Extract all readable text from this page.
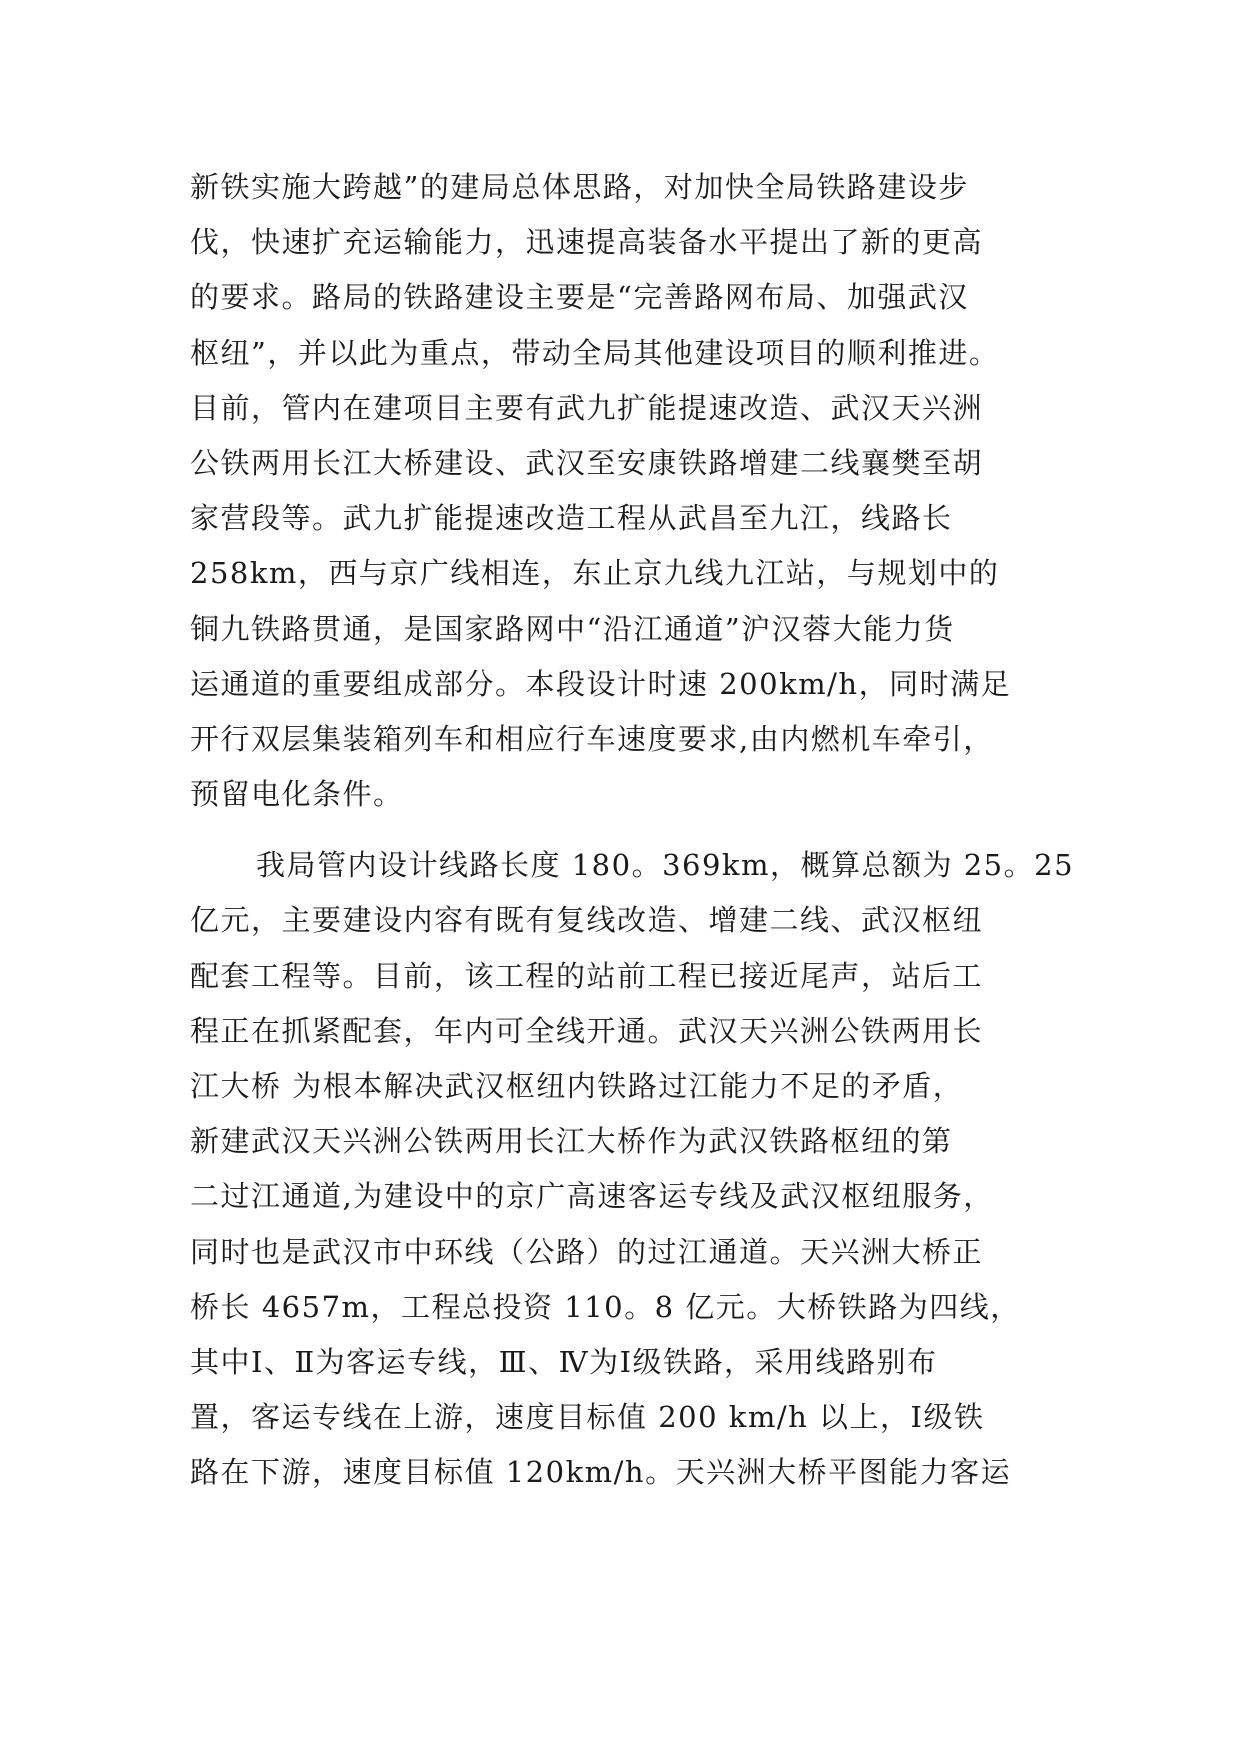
新铁实施大跨越”的建局总体思路，对加快全局铁路建设步
伐，快速扩充运输能力，迅速提高装备水平提出了新的更高
的要求。路局的铁路建设主要是“完善路网布局、加强武汉
枢纽”，并以此为重点，带动全局其他建设项目的顺利推进。
目前，管内在建项目主要有武九扩能提速改造、武汉天兴洲
公铁两用长江大桥建设、武汉至安康铁路增建二线襄樊至胡
家营段等。武九扩能提速改造工程从武昌至九江，线路长
258km，西与京广线相连，东止京九线九江站，与规划中的
铜九铁路贯通，是国家路网中“沿江通道”沪汉蓉大能力货
运通道的重要组成部分。本段设计时速 200km/h，同时满足
开行双层集装箱列车和相应行车速度要求,由内燃机车牵引，
预留电化条件。
我局管内设计线路长度 180。369km，概算总额为 25。25
亿元，主要建设内容有既有复线改造、增建二线、武汉枢纽
配套工程等。目前，该工程的站前工程已接近尾声，站后工
程正在抓紧配套，年内可全线开通。武汉天兴洲公铁两用长
江大桥 为根本解决武汉枢纽内铁路过江能力不足的矛盾，
新建武汉天兴洲公铁两用长江大桥作为武汉铁路枢纽的第
二过江通道,为建设中的京广高速客运专线及武汉枢纽服务，
同时也是武汉市中环线（公路）的过江通道。天兴洲大桥正
桥长 4657m，工程总投资 110。8 亿元。大桥铁路为四线，
其中Ⅰ、Ⅱ为客运专线，Ⅲ、Ⅳ为Ⅰ级铁路，采用线路别布
置，客运专线在上游，速度目标值 200 km/h 以上，Ⅰ级铁
路在下游，速度目标值 120km/h。天兴洲大桥平图能力客运
